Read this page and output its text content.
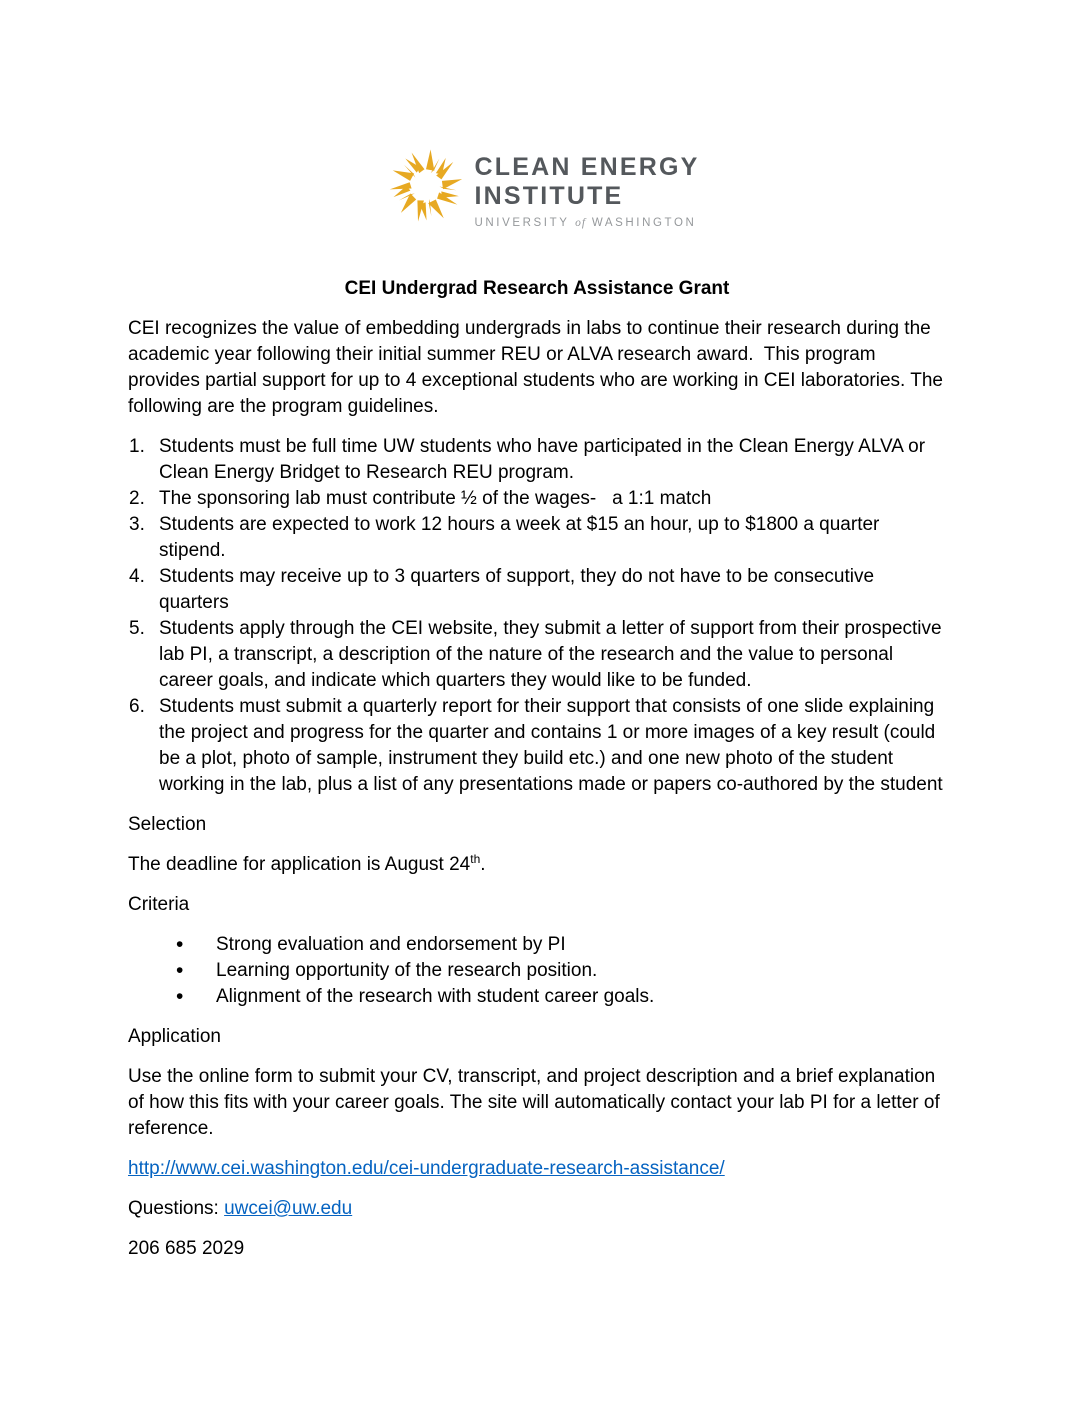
CLEAN ENERGY
INSTITUTE
UNIVERSITY of WASHINGTON
CEI Undergrad Research Assistance Grant

CEI recognizes the value of embedding undergrads in labs to continue their research during the academic year following their initial summer REU or ALVA research award.  This program provides partial support for up to 4 exceptional students who are working in CEI laboratories. The following are the program guidelines.

Students must be full time UW students who have participated in the Clean Energy ALVA or Clean Energy Bridget to Research REU program.
The sponsoring lab must contribute ½ of the wages-   a 1:1 match
Students are expected to work 12 hours a week at $15 an hour, up to $1800 a quarter stipend.
Students may receive up to 3 quarters of support, they do not have to be consecutive quarters
Students apply through the CEI website, they submit a letter of support from their prospective lab PI, a transcript, a description of the nature of the research and the value to personal career goals, and indicate which quarters they would like to be funded.
Students must submit a quarterly report for their support that consists of one slide explaining the project and progress for the quarter and contains 1 or more images of a key result (could be a plot, photo of sample, instrument they build etc.) and one new photo of the student working in the lab, plus a list of any presentations made or papers co-authored by the student

Selection

The deadline for application is August 24th.

Criteria

• Strong evaluation and endorsement by PI
• Learning opportunity of the research position.
• Alignment of the research with student career goals.

Application

Use the online form to submit your CV, transcript, and project description and a brief explanation of how this fits with your career goals. The site will automatically contact your lab PI for a letter of reference.

http://www.cei.washington.edu/cei-undergraduate-research-assistance/

Questions: uwcei@uw.edu

206 685 2029
